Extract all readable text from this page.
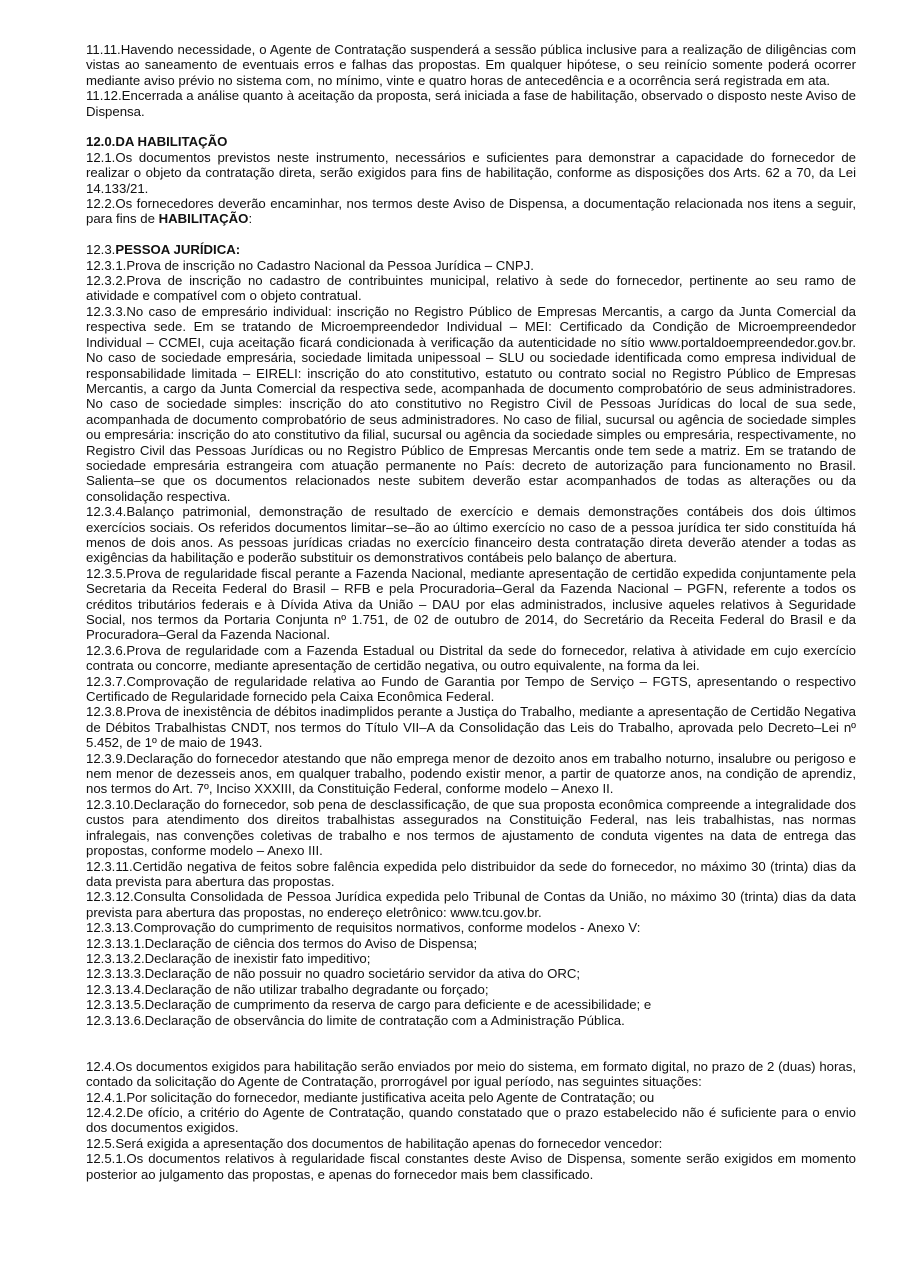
11.11.Havendo necessidade, o Agente de Contratação suspenderá a sessão pública inclusive para a realização de diligências com vistas ao saneamento de eventuais erros e falhas das propostas. Em qualquer hipótese, o seu reinício somente poderá ocorrer mediante aviso prévio no sistema com, no mínimo, vinte e quatro horas de antecedência e a ocorrência será registrada em ata.

11.12.Encerrada a análise quanto à aceitação da proposta, será iniciada a fase de habilitação, observado o disposto neste Aviso de Dispensa.

12.0.DA HABILITAÇÃO

12.1.Os documentos previstos neste instrumento, necessários e suficientes para demonstrar a capacidade do fornecedor de realizar o objeto da contratação direta, serão exigidos para fins de habilitação, conforme as disposições dos Arts. 62 a 70, da Lei 14.133/21.

12.2.Os fornecedores deverão encaminhar, nos termos deste Aviso de Dispensa, a documentação relacionada nos itens a seguir, para fins de HABILITAÇÃO:

12.3.PESSOA JURÍDICA:

12.3.1.Prova de inscrição no Cadastro Nacional da Pessoa Jurídica – CNPJ.

12.3.2.Prova de inscrição no cadastro de contribuintes municipal, relativo à sede do fornecedor, pertinente ao seu ramo de atividade e compatível com o objeto contratual.

12.3.3.No caso de empresário individual: inscrição no Registro Público de Empresas Mercantis, a cargo da Junta Comercial da respectiva sede. Em se tratando de Microempreendedor Individual – MEI: Certificado da Condição de Microempreendedor Individual – CCMEI, cuja aceitação ficará condicionada à verificação da autenticidade no sítio www.portaldoempreendedor.gov.br. No caso de sociedade empresária, sociedade limitada unipessoal – SLU ou sociedade identificada como empresa individual de responsabilidade limitada – EIRELI: inscrição do ato constitutivo, estatuto ou contrato social no Registro Público de Empresas Mercantis, a cargo da Junta Comercial da respectiva sede, acompanhada de documento comprobatório de seus administradores. No caso de sociedade simples: inscrição do ato constitutivo no Registro Civil de Pessoas Jurídicas do local de sua sede, acompanhada de documento comprobatório de seus administradores. No caso de filial, sucursal ou agência de sociedade simples ou empresária: inscrição do ato constitutivo da filial, sucursal ou agência da sociedade simples ou empresária, respectivamente, no Registro Civil das Pessoas Jurídicas ou no Registro Público de Empresas Mercantis onde tem sede a matriz. Em se tratando de sociedade empresária estrangeira com atuação permanente no País: decreto de autorização para funcionamento no Brasil. Salienta–se que os documentos relacionados neste subitem deverão estar acompanhados de todas as alterações ou da consolidação respectiva.

12.3.4.Balanço patrimonial, demonstração de resultado de exercício e demais demonstrações contábeis dos dois últimos exercícios sociais. Os referidos documentos limitar–se–ão ao último exercício no caso de a pessoa jurídica ter sido constituída há menos de dois anos. As pessoas jurídicas criadas no exercício financeiro desta contratação direta deverão atender a todas as exigências da habilitação e poderão substituir os demonstrativos contábeis pelo balanço de abertura.

12.3.5.Prova de regularidade fiscal perante a Fazenda Nacional, mediante apresentação de certidão expedida conjuntamente pela Secretaria da Receita Federal do Brasil – RFB e pela Procuradoria–Geral da Fazenda Nacional – PGFN, referente a todos os créditos tributários federais e à Dívida Ativa da União – DAU por elas administrados, inclusive aqueles relativos à Seguridade Social, nos termos da Portaria Conjunta nº 1.751, de 02 de outubro de 2014, do Secretário da Receita Federal do Brasil e da Procuradora–Geral da Fazenda Nacional.

12.3.6.Prova de regularidade com a Fazenda Estadual ou Distrital da sede do fornecedor, relativa à atividade em cujo exercício contrata ou concorre, mediante apresentação de certidão negativa, ou outro equivalente, na forma da lei.

12.3.7.Comprovação de regularidade relativa ao Fundo de Garantia por Tempo de Serviço – FGTS, apresentando o respectivo Certificado de Regularidade fornecido pela Caixa Econômica Federal.

12.3.8.Prova de inexistência de débitos inadimplidos perante a Justiça do Trabalho, mediante a apresentação de Certidão Negativa de Débitos Trabalhistas CNDT, nos termos do Título VII–A da Consolidação das Leis do Trabalho, aprovada pelo Decreto–Lei nº 5.452, de 1º de maio de 1943.

12.3.9.Declaração do fornecedor atestando que não emprega menor de dezoito anos em trabalho noturno, insalubre ou perigoso e nem menor de dezesseis anos, em qualquer trabalho, podendo existir menor, a partir de quatorze anos, na condição de aprendiz, nos termos do Art. 7º, Inciso XXXIII, da Constituição Federal, conforme modelo – Anexo II.

12.3.10.Declaração do fornecedor, sob pena de desclassificação, de que sua proposta econômica compreende a integralidade dos custos para atendimento dos direitos trabalhistas assegurados na Constituição Federal, nas leis trabalhistas, nas normas infralegais, nas convenções coletivas de trabalho e nos termos de ajustamento de conduta vigentes na data de entrega das propostas, conforme modelo – Anexo III.

12.3.11.Certidão negativa de feitos sobre falência expedida pelo distribuidor da sede do fornecedor, no máximo 30 (trinta) dias da data prevista para abertura das propostas.

12.3.12.Consulta Consolidada de Pessoa Jurídica expedida pelo Tribunal de Contas da União, no máximo 30 (trinta) dias da data prevista para abertura das propostas, no endereço eletrônico: www.tcu.gov.br.

12.3.13.Comprovação do cumprimento de requisitos normativos, conforme modelos - Anexo V:

12.3.13.1.Declaração de ciência dos termos do Aviso de Dispensa;

12.3.13.2.Declaração de inexistir fato impeditivo;

12.3.13.3.Declaração de não possuir no quadro societário servidor da ativa do ORC;

12.3.13.4.Declaração de não utilizar trabalho degradante ou forçado;

12.3.13.5.Declaração de cumprimento da reserva de cargo para deficiente e de acessibilidade; e

12.3.13.6.Declaração de observância do limite de contratação com a Administração Pública.

12.4.Os documentos exigidos para habilitação serão enviados por meio do sistema, em formato digital, no prazo de 2 (duas) horas, contado da solicitação do Agente de Contratação, prorrogável por igual período, nas seguintes situações:

12.4.1.Por solicitação do fornecedor, mediante justificativa aceita pelo Agente de Contratação; ou

12.4.2.De ofício, a critério do Agente de Contratação, quando constatado que o prazo estabelecido não é suficiente para o envio dos documentos exigidos.

12.5.Será exigida a apresentação dos documentos de habilitação apenas do fornecedor vencedor:

12.5.1.Os documentos relativos à regularidade fiscal constantes deste Aviso de Dispensa, somente serão exigidos em momento posterior ao julgamento das propostas, e apenas do fornecedor mais bem classificado.
